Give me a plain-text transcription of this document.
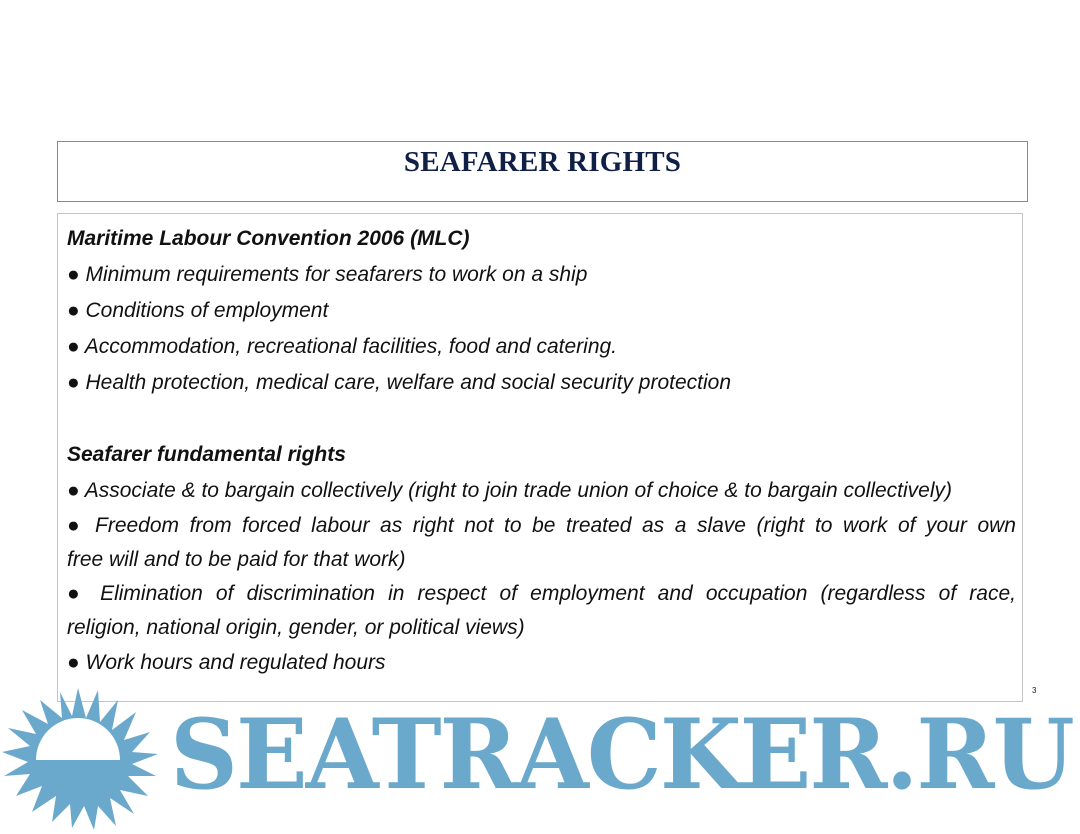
SEAFARER RIGHTS
Maritime Labour Convention 2006 (MLC)
● Minimum requirements for seafarers to work on a ship
● Conditions of employment
● Accommodation, recreational facilities, food and catering.
● Health protection, medical care, welfare and social security protection
Seafarer fundamental rights
● Associate & to bargain collectively (right to join trade union of choice & to bargain collectively)
● Freedom from forced labour as right not to be treated as a slave (right to work of your own
free will and to be paid for that work)
● Elimination of discrimination in respect of employment and occupation (regardless of race,
religion, national origin, gender, or political views)
● Work hours and regulated hours
3
SEATRACKER.RU
